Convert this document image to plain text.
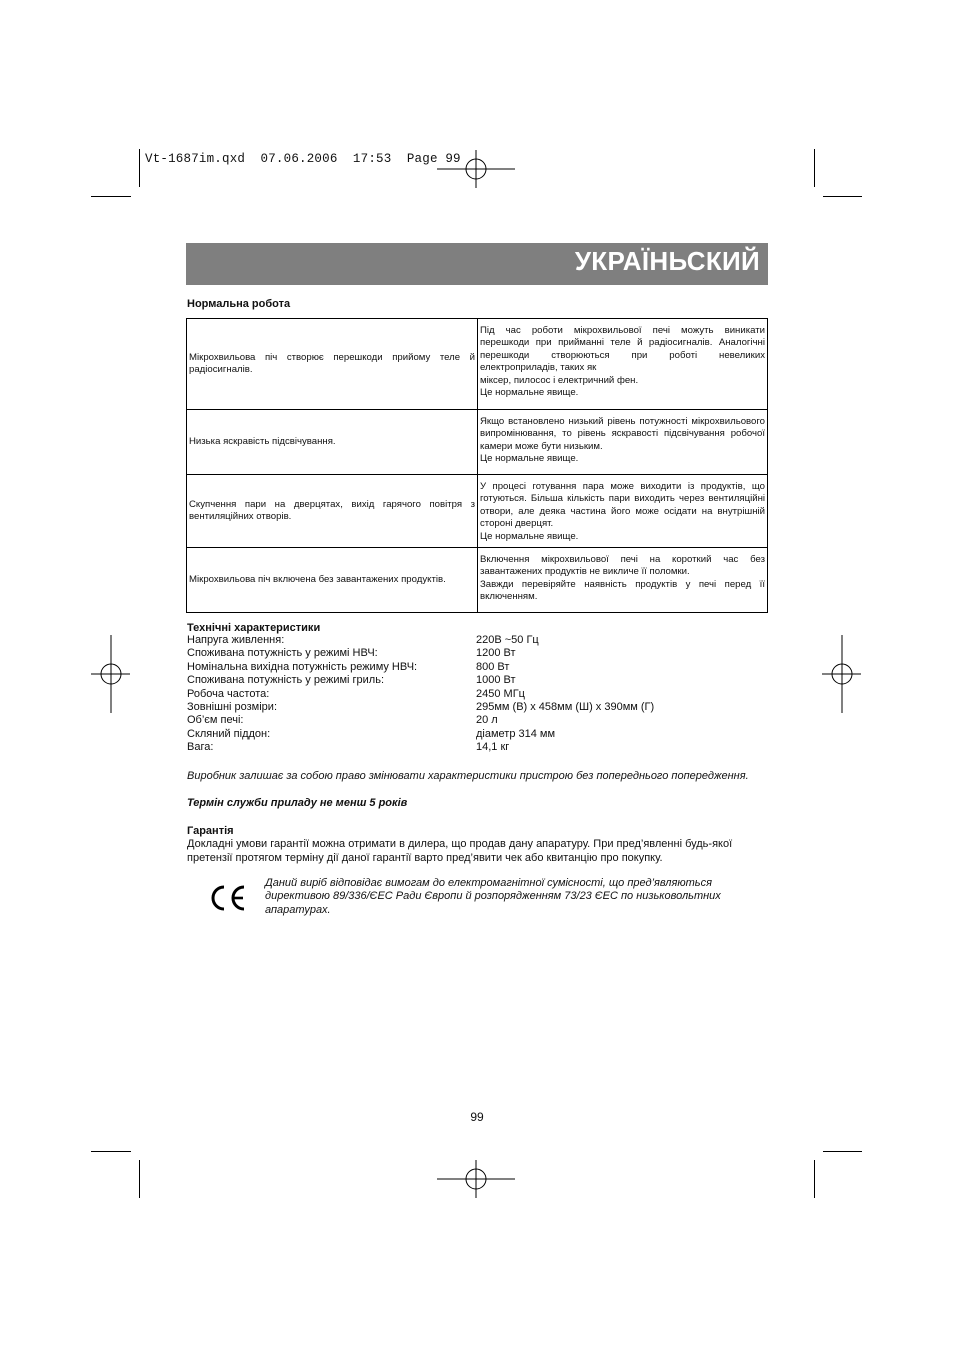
Vt-1687im.qxd  07.06.2006  17:53  Page 99
УКРАЇНЬСКИЙ
Нормальна робота
Мікрохвильова піч створює перешкоди прийому теле й радіосигналів.	Під час роботи мікрохвильової печі можуть виникати перешкоди при прийманні теле й радіосигналів. Аналогічні перешкоди створюються при роботі невеликих електроприладів, таких як
міксер, пилосос і електричний фен.
Це нормальне явище.

Низька яскравість підсвічування.	Якщо встановлено низький рівень потужності мікрохвильового випромінювання, то рівень яскравості підсвічування робочої камери може бути низьким.
Це нормальне явище.

Скупчення пари на дверцятах, вихід гарячого повітря з вентиляційних отворів.	У процесі готування пара може виходити із продуктів, що готуються. Більша кількість пари виходить через вентиляційні отвори, але деяка частина його може осідати на внутрішній стороні дверцят.
Це нормальне явище.

Мікрохвильова піч включена без завантажених продуктів.	Включення мікрохвильової печі на короткий час без завантажених продуктів не викличе її поломки.
Завжди перевіряйте наявність продуктів у печі перед її включенням.
Технічні характеристики
Напруга живлення:	220В ~50 Гц
Споживана потужність у режимі НВЧ:	1200 Вт
Номінальна вихідна потужність режиму НВЧ:	800 Вт
Споживана потужність у режимі гриль:	1000 Вт
Робоча частота:	2450 МГц
Зовнішні розміри:	295мм (В) х 458мм (Ш) х 390мм (Г)
Об’єм печі:	20 л
Скляний піддон:	діаметр 314 мм
Вага:	14,1 кг
Виробник залишає за собою право змінювати характеристики пристрою без попереднього попередження.
Термін служби приладу не менш 5 років
Гарантія
Докладні умови гарантії можна отримати в дилера, що продав дану апаратуру. При пред’явленні будь-якої претензії протягом терміну дії даної гарантії варто пред’явити чек або квитанцію про покупку.
Даний виріб відповідає вимогам до електромагнітної сумісності, що пред’являються директивою 89/336/ЄЕС Ради Європи й розпорядженням 73/23 ЄЕС по низьковольтних апаратурах.
99
